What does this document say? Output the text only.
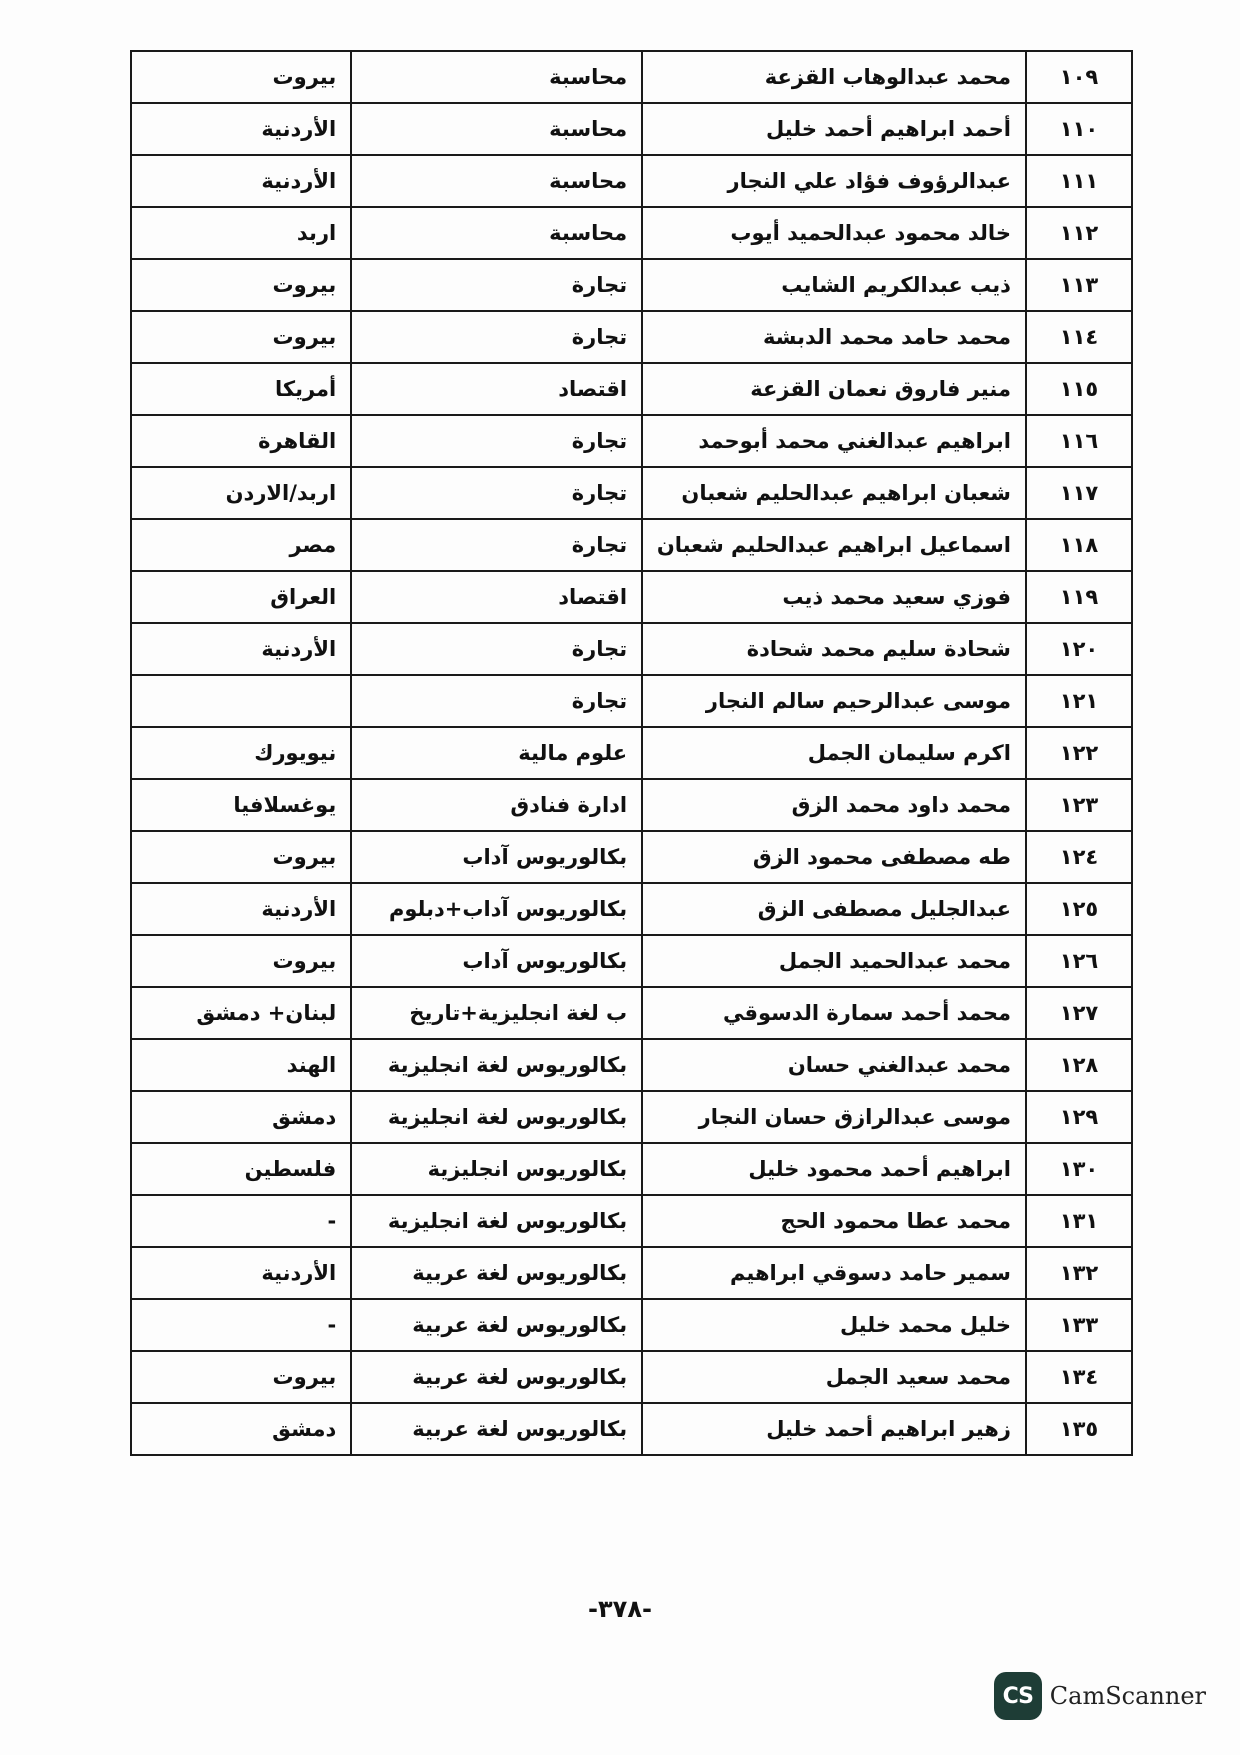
١٠٩	محمد عبدالوهاب القزعة	محاسبة	بيروت
١١٠	أحمد ابراهيم أحمد خليل	محاسبة	الأردنية
١١١	عبدالرؤوف فؤاد علي النجار	محاسبة	الأردنية
١١٢	خالد محمود عبدالحميد أيوب	محاسبة	اربد
١١٣	ذيب عبدالكريم الشايب	تجارة	بيروت
١١٤	محمد حامد محمد الدبشة	تجارة	بيروت
١١٥	منير فاروق نعمان القزعة	اقتصاد	أمريكا
١١٦	ابراهيم عبدالغني محمد أبوحمد	تجارة	القاهرة
١١٧	شعبان ابراهيم عبدالحليم شعبان	تجارة	اربد/الاردن
١١٨	اسماعيل ابراهيم عبدالحليم شعبان	تجارة	مصر
١١٩	فوزي سعيد محمد ذيب	اقتصاد	العراق
١٢٠	شحادة سليم محمد شحادة	تجارة	الأردنية
١٢١	موسى عبدالرحيم سالم النجار	تجارة	
١٢٢	اكرم سليمان الجمل	علوم مالية	نيويورك
١٢٣	محمد داود محمد الزق	ادارة فنادق	يوغسلافيا
١٢٤	طه مصطفى محمود الزق	بكالوريوس آداب	بيروت
١٢٥	عبدالجليل مصطفى الزق	بكالوريوس آداب+دبلوم	الأردنية
١٢٦	محمد عبدالحميد الجمل	بكالوريوس آداب	بيروت
١٢٧	محمد أحمد سمارة الدسوقي	ب لغة انجليزية+تاريخ	لبنان+ دمشق
١٢٨	محمد عبدالغني حسان	بكالوريوس لغة انجليزية	الهند
١٢٩	موسى عبدالرازق حسان النجار	بكالوريوس لغة انجليزية	دمشق
١٣٠	ابراهيم أحمد محمود خليل	بكالوريوس انجليزية	فلسطين
١٣١	محمد عطا محمود الحج	بكالوريوس لغة انجليزية	-
١٣٢	سمير حامد دسوقي ابراهيم	بكالوريوس لغة عربية	الأردنية
١٣٣	خليل محمد خليل	بكالوريوس لغة عربية	-
١٣٤	محمد سعيد الجمل	بكالوريوس لغة عربية	بيروت
١٣٥	زهير ابراهيم أحمد خليل	بكالوريوس لغة عربية	دمشق
-٣٧٨-
CS CamScanner
